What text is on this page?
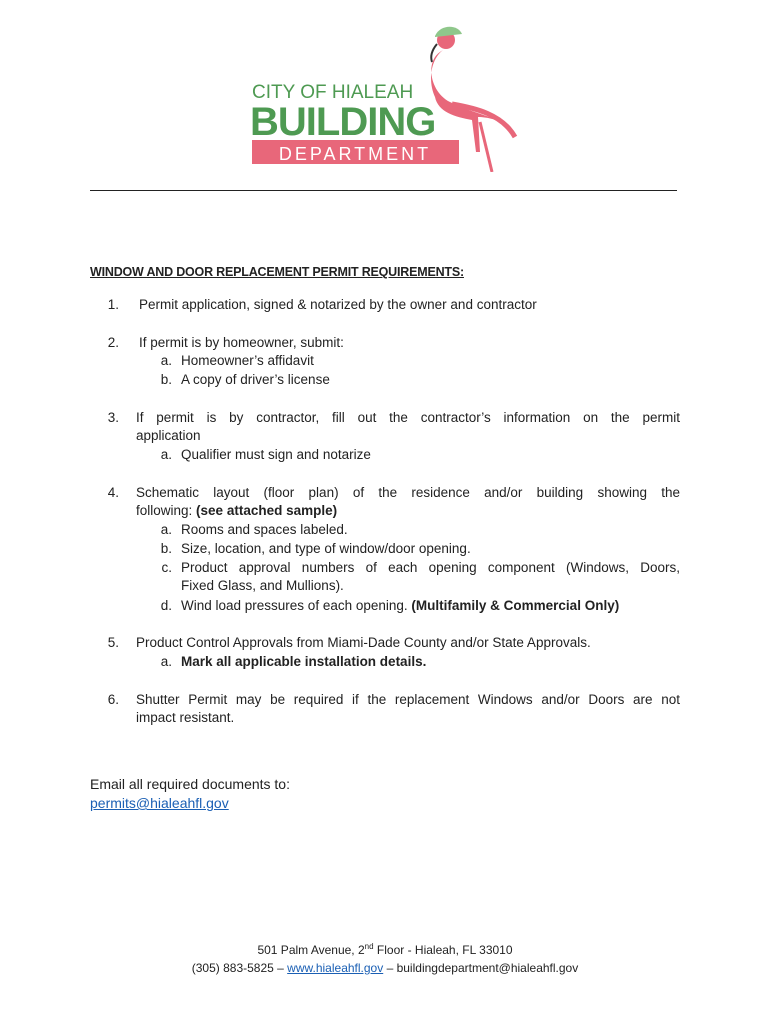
CITY OF HIALEAH
BUILDING
DEPARTMENT
WINDOW AND DOOR REPLACEMENT PERMIT REQUIREMENTS:
1. Permit application, signed & notarized by the owner and contractor
2. If permit is by homeowner, submit:
a. Homeowner’s affidavit
b. A copy of driver’s license
3. If permit is by contractor, fill out the contractor’s information on the permit
application
a. Qualifier must sign and notarize
4. Schematic layout (floor plan) of the residence and/or building showing the
following: (see attached sample)
a. Rooms and spaces labeled.
b. Size, location, and type of window/door opening.
c. Product approval numbers of each opening component (Windows, Doors,
Fixed Glass, and Mullions).
d. Wind load pressures of each opening. (Multifamily & Commercial Only)
5. Product Control Approvals from Miami-Dade County and/or State Approvals.
a. Mark all applicable installation details.
6. Shutter Permit may be required if the replacement Windows and/or Doors are not
impact resistant.
Email all required documents to:
permits@hialeahfl.gov
501 Palm Avenue, 2nd Floor - Hialeah, FL 33010
(305) 883-5825 – www.hialeahfl.gov – buildingdepartment@hialeahfl.gov
